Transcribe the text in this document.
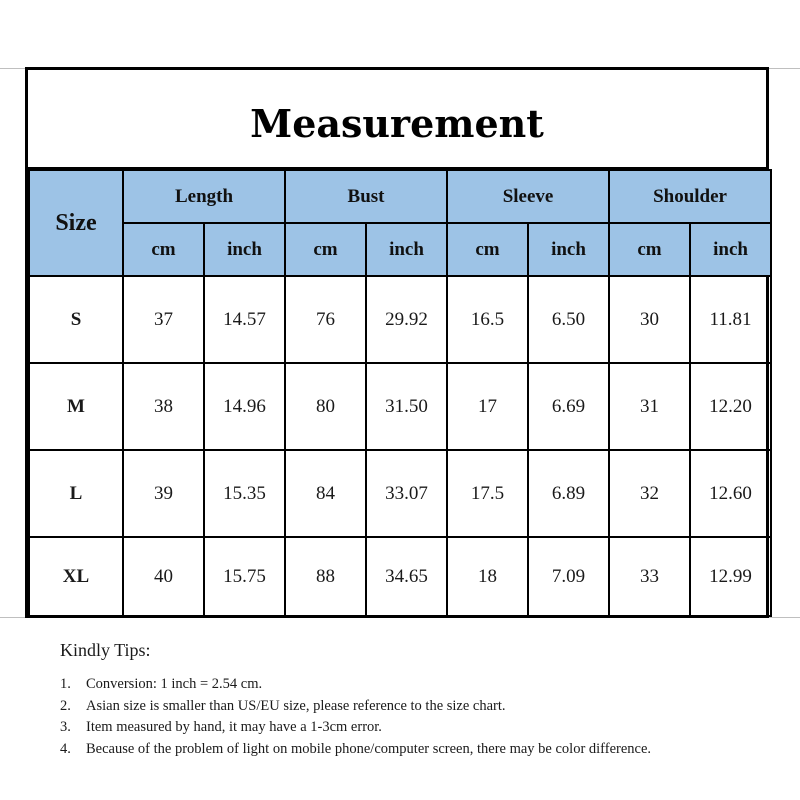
Measurement
Size	Length		Bust		Sleeve		Shoulder	
	cm	inch	cm	inch	cm	inch	cm	inch
S	37	14.57	76	29.92	16.5	6.50	30	11.81
M	38	14.96	80	31.50	17	6.69	31	12.20
L	39	15.35	84	33.07	17.5	6.89	32	12.60
XL	40	15.75	88	34.65	18	7.09	33	12.99

Kindly Tips:

1.	Conversion: 1 inch = 2.54 cm.
2.	Asian size is smaller than US/EU size, please reference to the size chart.
3.	Item measured by hand, it may have a 1-3cm error.
4.	Because of the problem of light on mobile phone/computer screen, there may be color difference.
